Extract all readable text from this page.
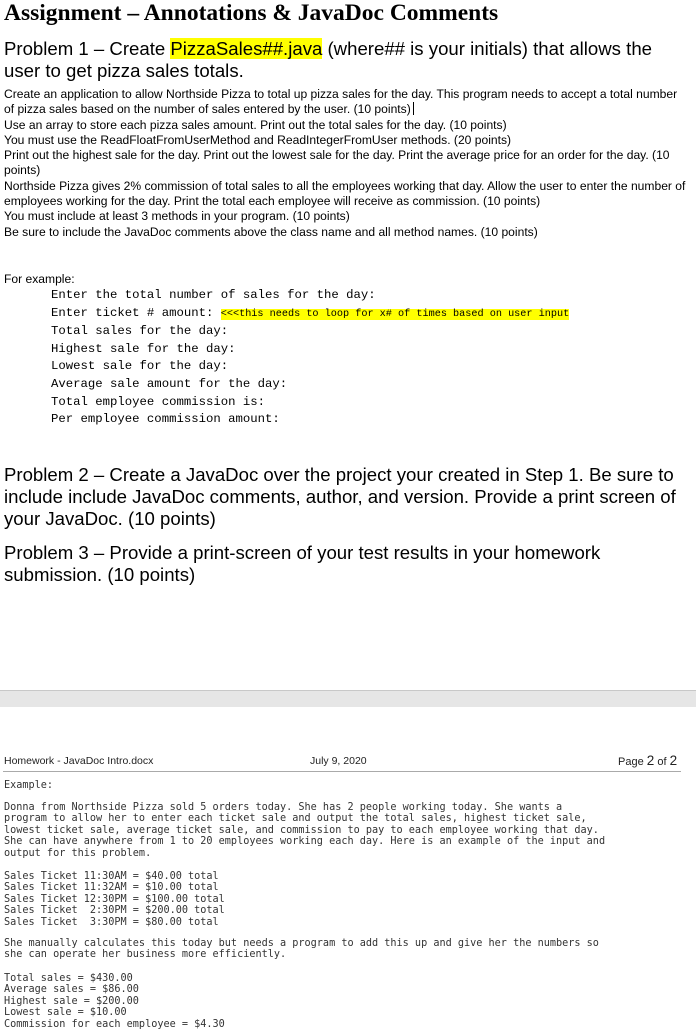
Assignment – Annotations & JavaDoc Comments
Problem 1 – Create PizzaSales##.java (where## is your initials) that allows the user to get pizza sales totals.
Create an application to allow Northside Pizza to total up pizza sales for the day. This program needs to accept a total number of pizza sales based on the number of sales entered by the user. (10 points)
Use an array to store each pizza sales amount. Print out the total sales for the day. (10 points)
You must use the ReadFloatFromUserMethod and ReadIntegerFromUser methods. (20 points)
Print out the highest sale for the day. Print out the lowest sale for the day. Print the average price for an order for the day. (10 points)
Northside Pizza gives 2% commission of total sales to all the employees working that day. Allow the user to enter the number of employees working for the day. Print the total each employee will receive as commission. (10 points)
You must include at least 3 methods in your program. (10 points)
Be sure to include the JavaDoc comments above the class name and all method names. (10 points)
For example:
Enter the total number of sales for the day:
Enter ticket # amount: <<<this needs to loop for x# of times based on user input
Total sales for the day:
Highest sale for the day:
Lowest sale for the day:
Average sale amount for the day:
Total employee commission is:
Per employee commission amount:
Problem 2 – Create a JavaDoc over the project your created in Step 1. Be sure to include include JavaDoc comments, author, and version. Provide a print screen of your JavaDoc. (10 points)
Problem 3 – Provide a print-screen of your test results in your homework submission. (10 points)
Homework - JavaDoc Intro.docx	July 9, 2020	Page 2 of 2
Example:
Donna from Northside Pizza sold 5 orders today. She has 2 people working today. She wants a
program to allow her to enter each ticket sale and output the total sales, highest ticket sale,
lowest ticket sale, average ticket sale, and commission to pay to each employee working that day.
She can have anywhere from 1 to 20 employees working each day. Here is an example of the input and
output for this problem.
Sales Ticket 11:30AM = $40.00 total
Sales Ticket 11:32AM = $10.00 total
Sales Ticket 12:30PM = $100.00 total
Sales Ticket  2:30PM = $200.00 total
Sales Ticket  3:30PM = $80.00 total
She manually calculates this today but needs a program to add this up and give her the numbers so
she can operate her business more efficiently.
Total sales = $430.00
Average sales = $86.00
Highest sale = $200.00
Lowest sale = $10.00
Commission for each employee = $4.30
